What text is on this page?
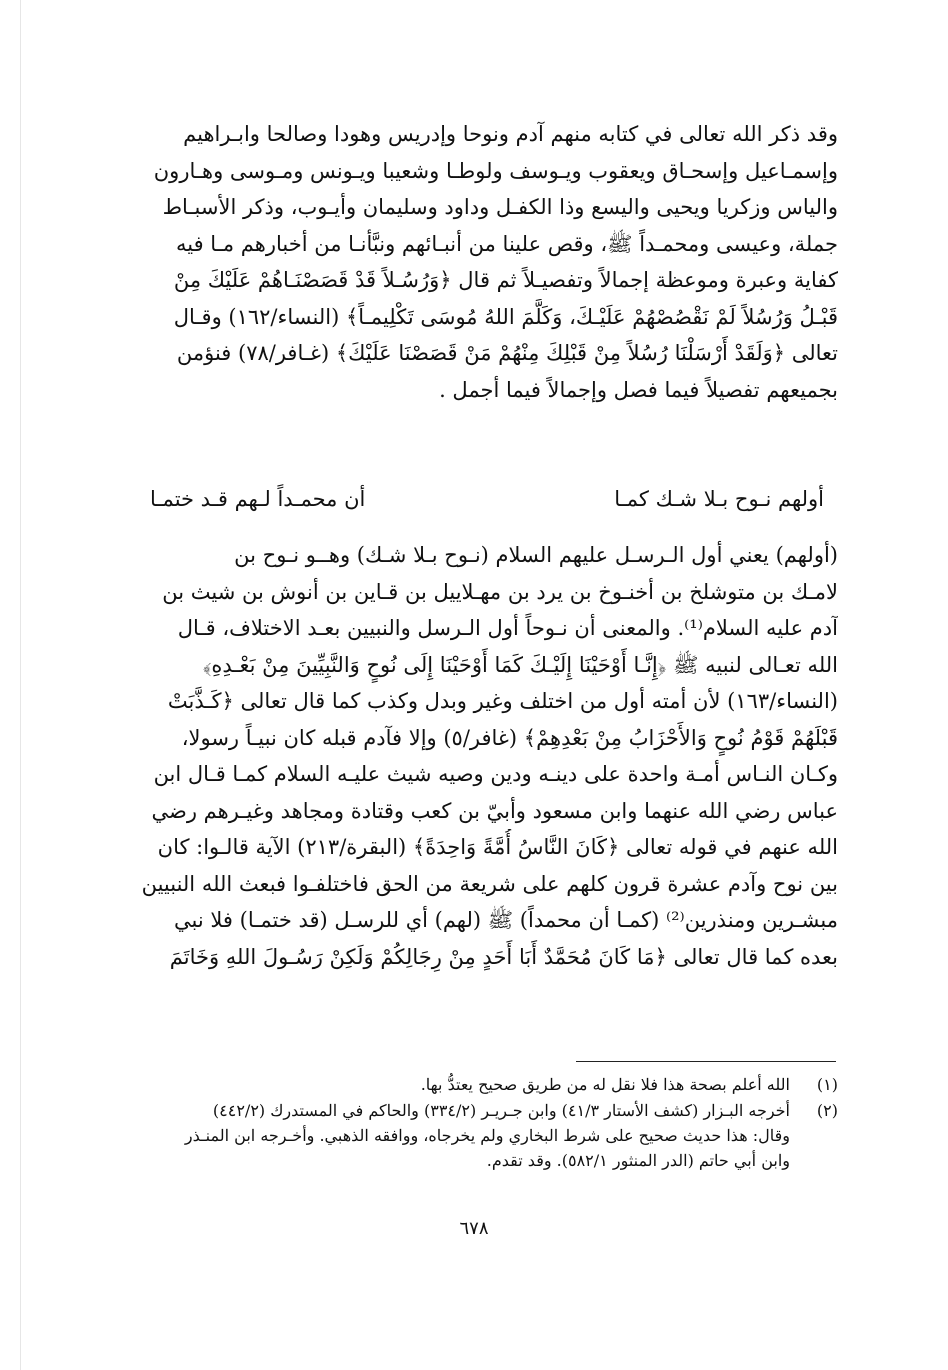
وقد ذكر الله تعالى في كتابه منهم آدم ونوحا وإدريس وهودا وصالحا وابـراهيم
وإسمـاعيل وإسحـاق ويعقوب ويـوسف ولوطـا وشعيبا ويـونس ومـوسى وهـارون
والياس وزكريا ويحيى واليسع وذا الكفـل وداود وسليمان وأيـوب، وذكر الأسبـاط
جملة، وعيسى ومحمـداً ﷺ، وقص علينا من أنبـائهم ونبَّأنـا من أخبارهم مـا فيه
كفاية وعبرة وموعظة إجمالاً وتفصيـلاً ثم قال ﴿وَرُسُـلاً قَدْ قَصَصْنَـاهُمْ عَلَيْكَ مِنْ
قَبْـلُ وَرُسُلاً لَمْ نَقْصُصْهُمْ عَلَيْـكَ، وَكَلَّمَ اللهُ مُوسَى تَكْلِيمـاً﴾ (النساء/١٦٢) وقـال
تعالى ﴿وَلَقَدْ أَرْسَلْنَا رُسُلاً مِنْ قَبْلِكَ مِنْهُمْ مَنْ قَصَصْنَا عَلَيْكَ﴾ (غـافر/٧٨) فنؤمن
بجميعهم تفصيلاً فيما فصل وإجمالاً فيما أجمل .
أولهم نـوح بـلا شـك كمـا
أن محمـداً لـهم قـد ختمـا
(أولهم) يعني أول الـرسـل عليهم السلام (نـوح بـلا شـك) وهــو نـوح بن
لامـك بن متوشلخ بن أخنـوخ بن يرد بن مهـلاييل بن قـاين بن أنوش بن شيث بن
آدم عليه السلام⁽¹⁾. والمعنى أن نـوحاً أول الـرسل والنبيين بعـد الاختلاف، قـال
الله تعـالى لنبيه ﷺ ﴿إِنَّـا أَوْحَيْنَا إِلَيْـكَ كَمَا أَوْحَيْنَا إِلَى نُوحٍ وَالنَّبِيِّينَ مِنْ بَعْـدِهِ﴾
(النساء/١٦٣) لأن أمته أول من اختلف وغير وبدل وكذب كما قال تعالى ﴿كَـذَّبَتْ
قَبْلَهُمْ قَوْمُ نُوحٍ وَالأَحْزَابُ مِنْ بَعْدِهِمْ﴾ (غافر/٥) وإلا فآدم قبله كان نبيـاً رسولا،
وكـان النـاس أمـة واحدة على دينـه ودين وصيه شيث عليـه السلام كمـا قـال ابن
عباس رضي الله عنهما وابن مسعود وأبيّ بن كعب وقتادة ومجاهد وغيـرهم رضي
الله عنهم في قوله تعالى ﴿كَانَ النَّاسُ أُمَّةً وَاحِدَةً﴾ (البقرة/٢١٣) الآية قالـوا: كان
بين نوح وآدم عشرة قرون كلهم على شريعة من الحق فاختلفـوا فبعث الله النبيين
مبشـرين ومنذرين⁽²⁾ (كمـا أن محمداً) ﷺ (لهم) أي للرسـل (قد ختمـا) فلا نبي
بعده كما قال تعالى ﴿مَا كَانَ مُحَمَّدٌ أَبَا أَحَدٍ مِنْ رِجَالِكُمْ وَلَكِنْ رَسُـولَ اللهِ وَخَاتَمَ
(١)
الله أعلم بصحة هذا فلا نقل له من طريق صحيح يعتدُّ بها.
(٢)
أخرجه البـزار (كشف الأستار ٤١/٣) وابن جـريـر (٣٣٤/٢) والحاكم في المستدرك (٤٤٢/٢)
وقال: هذا حديث صحيح على شرط البخاري ولم يخرجاه، ووافقه الذهبي. وأخـرجه ابن المنـذر
وابن أبي حاتم (الدر المنثور ٥٨٢/١). وقد تقدم.
٦٧٨
